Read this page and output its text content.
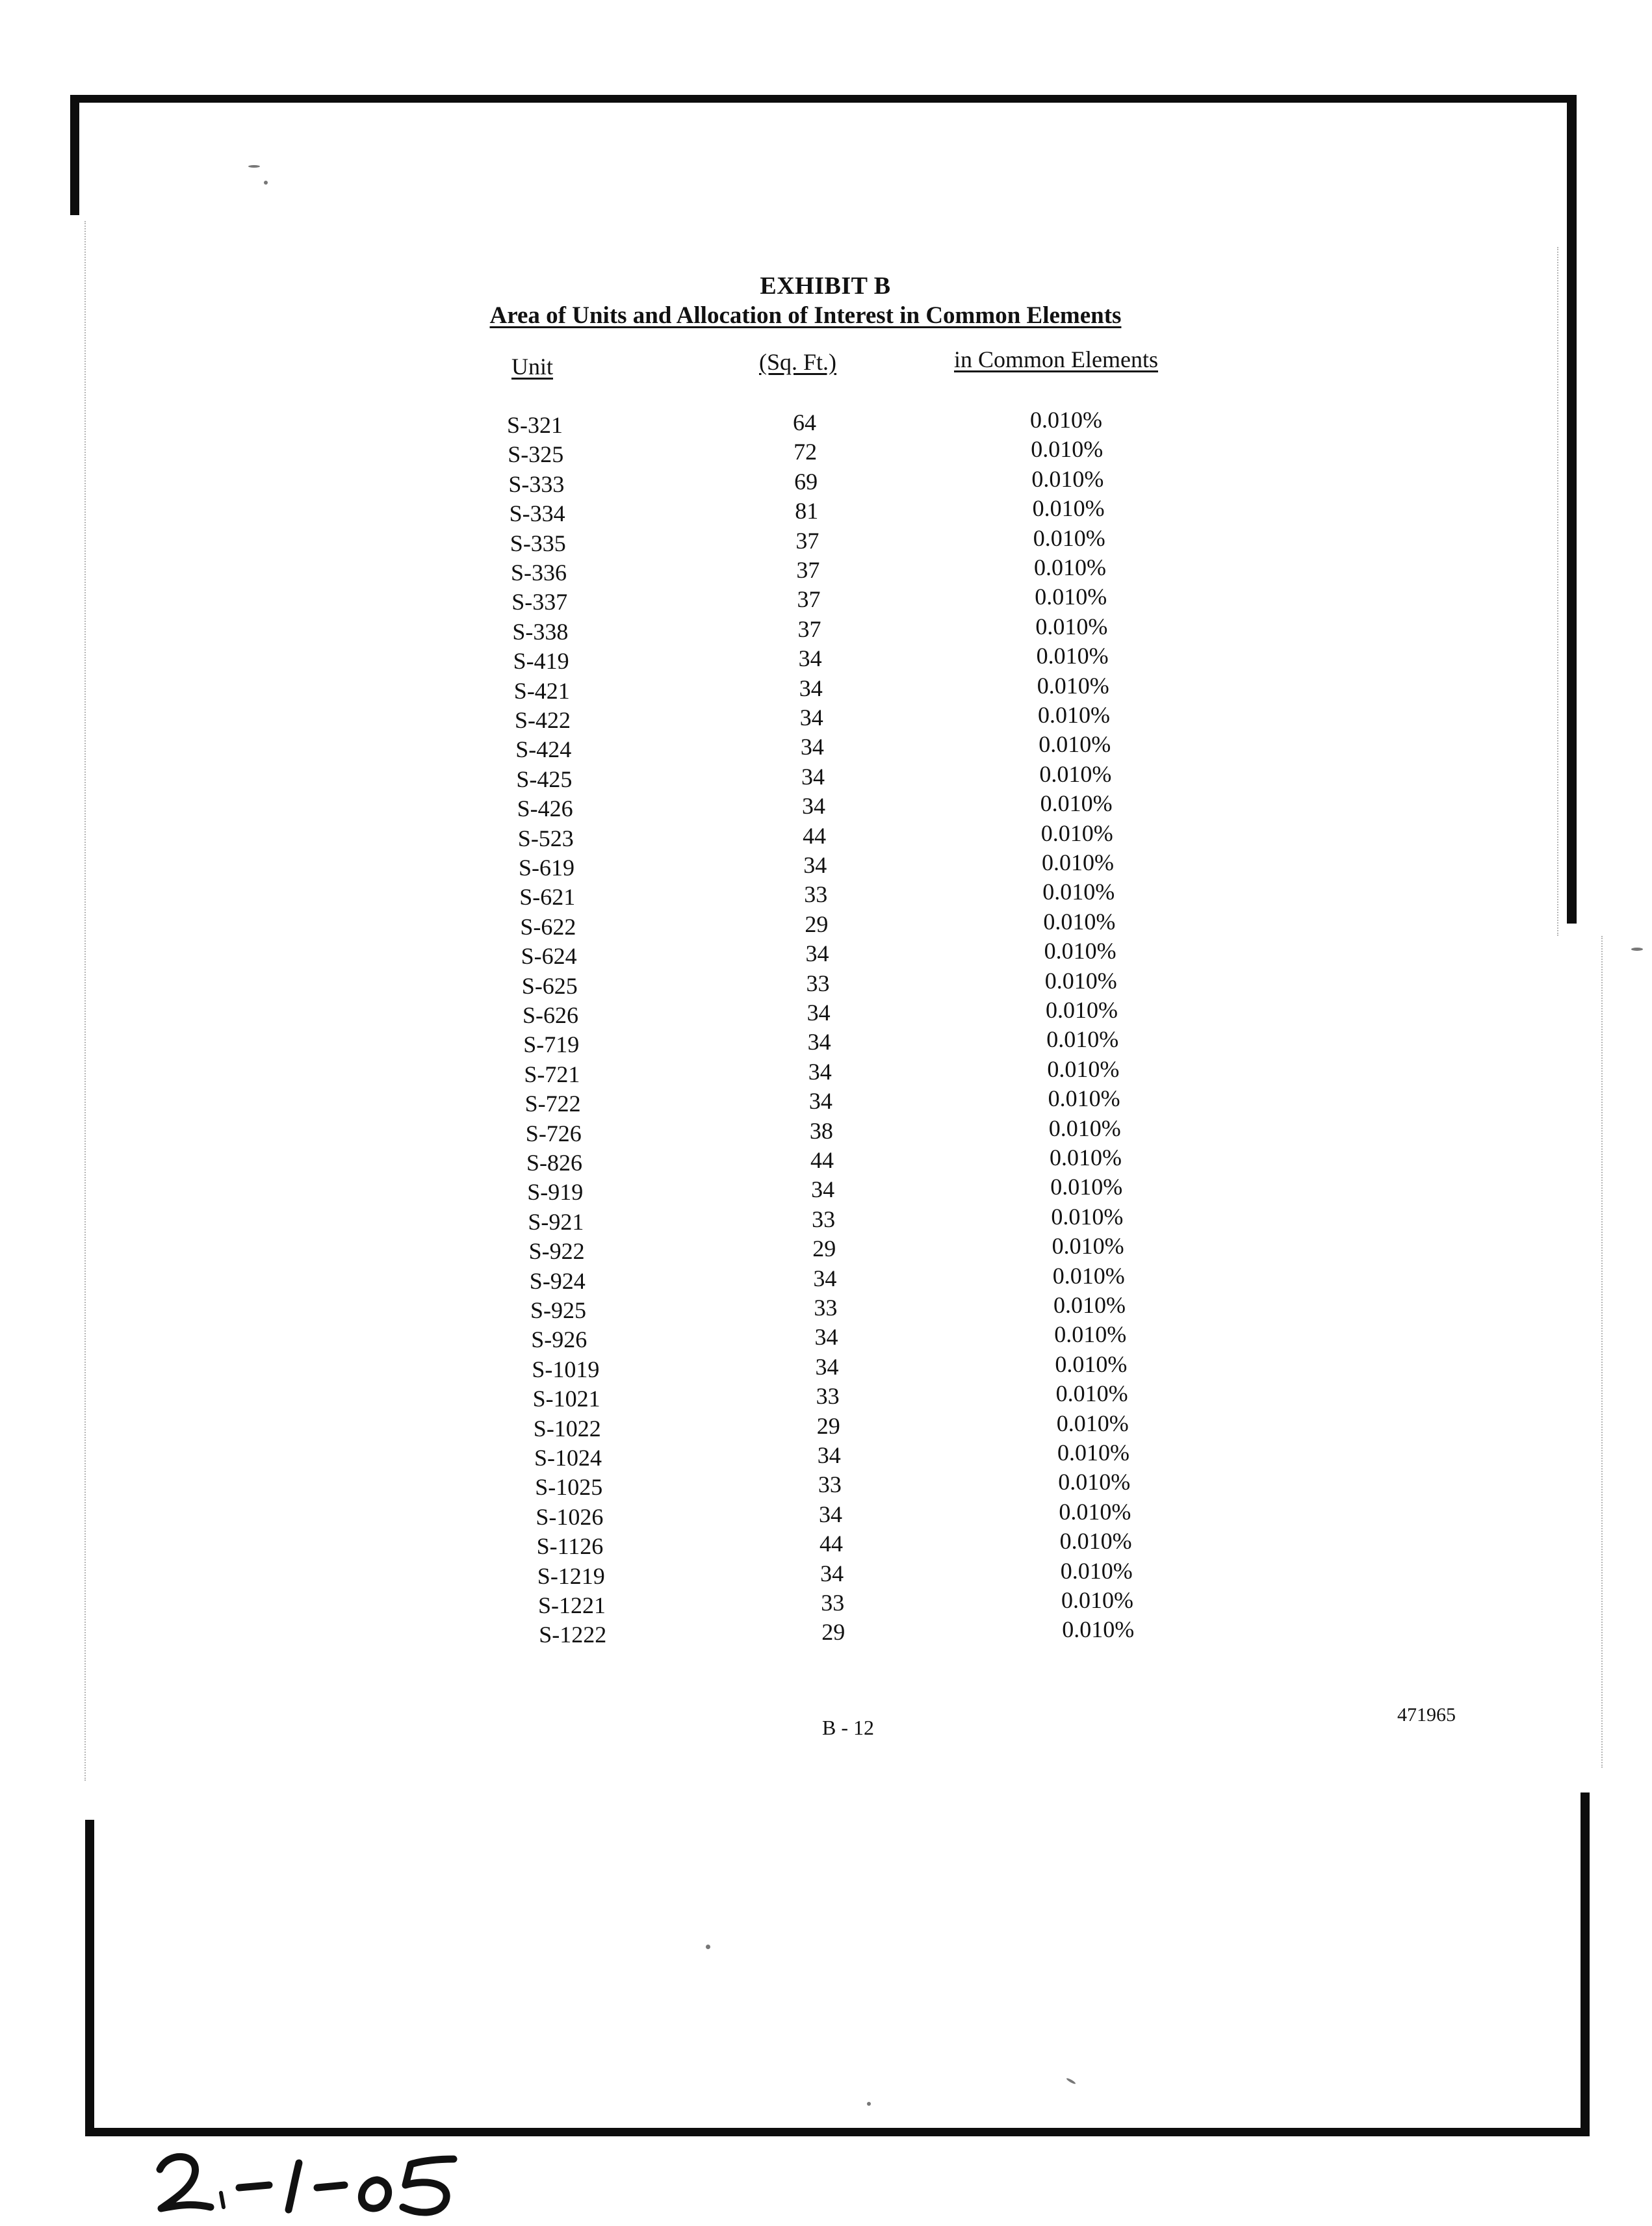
EXHIBIT B
Area of Units and Allocation of Interest in Common Elements
Unit	(Sq. Ft.)	in Common Elements
S-321	64	0.010%
S-325	72	0.010%
S-333	69	0.010%
S-334	81	0.010%
S-335	37	0.010%
S-336	37	0.010%
S-337	37	0.010%
S-338	37	0.010%
S-419	34	0.010%
S-421	34	0.010%
S-422	34	0.010%
S-424	34	0.010%
S-425	34	0.010%
S-426	34	0.010%
S-523	44	0.010%
S-619	34	0.010%
S-621	33	0.010%
S-622	29	0.010%
S-624	34	0.010%
S-625	33	0.010%
S-626	34	0.010%
S-719	34	0.010%
S-721	34	0.010%
S-722	34	0.010%
S-726	38	0.010%
S-826	44	0.010%
S-919	34	0.010%
S-921	33	0.010%
S-922	29	0.010%
S-924	34	0.010%
S-925	33	0.010%
S-926	34	0.010%
S-1019	34	0.010%
S-1021	33	0.010%
S-1022	29	0.010%
S-1024	34	0.010%
S-1025	33	0.010%
S-1026	34	0.010%
S-1126	44	0.010%
S-1219	34	0.010%
S-1221	33	0.010%
S-1222	29	0.010%
B - 12
471965
